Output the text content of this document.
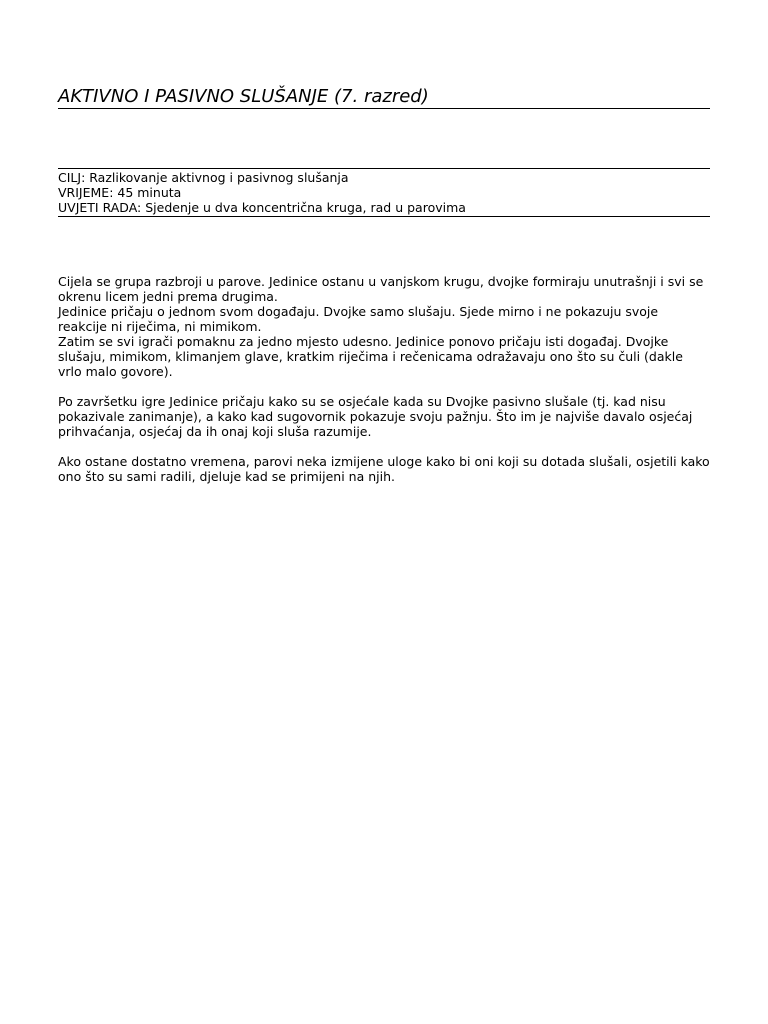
AKTIVNO I PASIVNO SLUŠANJE (7. razred)
CILJ: Razlikovanje aktivnog i pasivnog slušanja
VRIJEME: 45 minuta
UVJETI RADA: Sjedenje u dva koncentrična kruga, rad u parovima

Cijela se grupa razbroji u parove. Jedinice ostanu u vanjskom krugu, dvojke formiraju unutrašnji i svi se okrenu licem jedni prema drugima.
Jedinice pričaju o jednom svom događaju. Dvojke samo slušaju. Sjede mirno i ne pokazuju svoje reakcije ni riječima, ni mimikom.
Zatim se svi igrači pomaknu za jedno mjesto udesno. Jedinice ponovo pričaju isti događaj. Dvojke slušaju, mimikom, klimanjem glave, kratkim riječima i rečenicama odražavaju ono što su čuli (dakle vrlo malo govore).

Po završetku igre Jedinice pričaju kako su se osjećale kada su Dvojke pasivno slušale (tj. kad nisu pokazivale zanimanje), a kako kad sugovornik pokazuje svoju pažnju. Što im je najviše davalo osjećaj prihvaćanja, osjećaj da ih onaj koji sluša razumije.

Ako ostane dostatno vremena, parovi neka izmijene uloge kako bi oni koji su dotada slušali, osjetili kako ono što su sami radili, djeluje kad se primijeni na njih.
